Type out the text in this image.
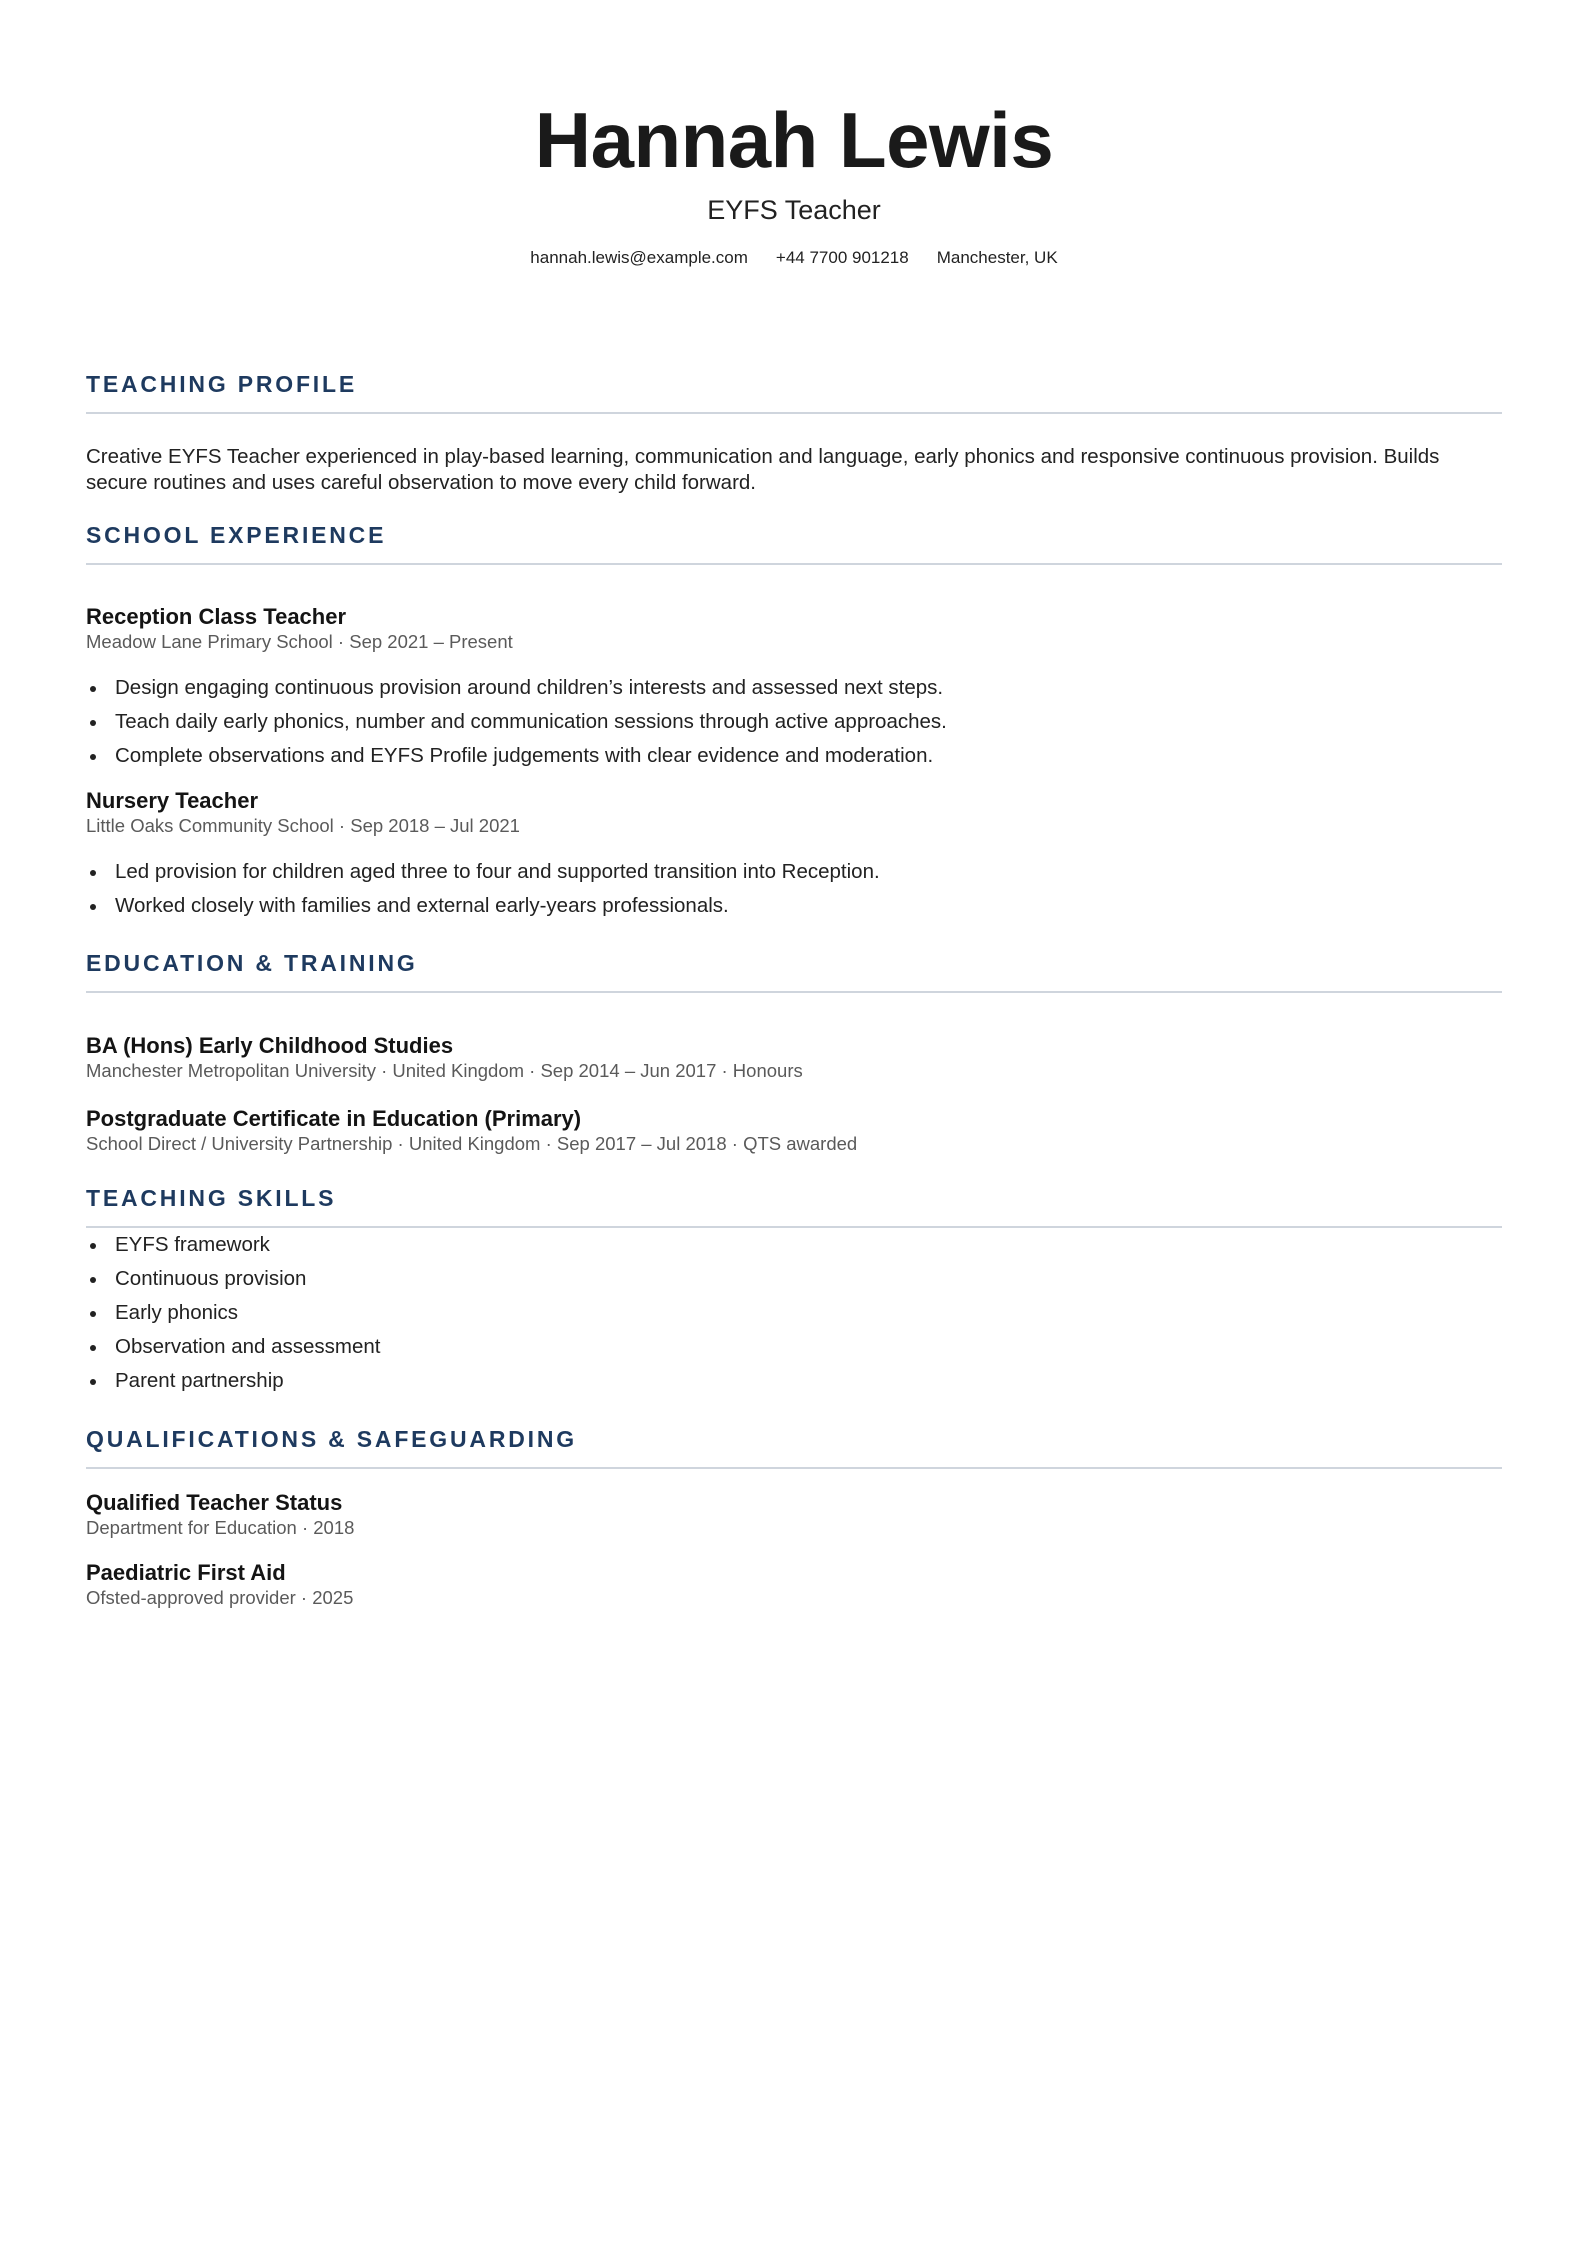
Hannah Lewis
EYFS Teacher
hannah.lewis@example.com +44 7700 901218 Manchester, UK
TEACHING PROFILE

Creative EYFS Teacher experienced in play-based learning, communication and language, early phonics and responsive continuous provision. Builds secure routines and uses careful observation to move every child forward.

SCHOOL EXPERIENCE
Reception Class Teacher

Meadow Lane Primary School · Sep 2021 – Present

Design engaging continuous provision around children’s interests and assessed next steps.
Teach daily early phonics, number and communication sessions through active approaches.
Complete observations and EYFS Profile judgements with clear evidence and moderation.
Nursery Teacher

Little Oaks Community School · Sep 2018 – Jul 2021

Led provision for children aged three to four and supported transition into Reception.
Worked closely with families and external early-years professionals.
EDUCATION & TRAINING
BA (Hons) Early Childhood Studies

Manchester Metropolitan University · United Kingdom · Sep 2014 – Jun 2017 · Honours

Postgraduate Certificate in Education (Primary)

School Direct / University Partnership · United Kingdom · Sep 2017 – Jul 2018 · QTS awarded

TEACHING SKILLS
EYFS framework
Continuous provision
Early phonics
Observation and assessment
Parent partnership
QUALIFICATIONS & SAFEGUARDING
Qualified Teacher Status

Department for Education · 2018

Paediatric First Aid

Ofsted-approved provider · 2025
